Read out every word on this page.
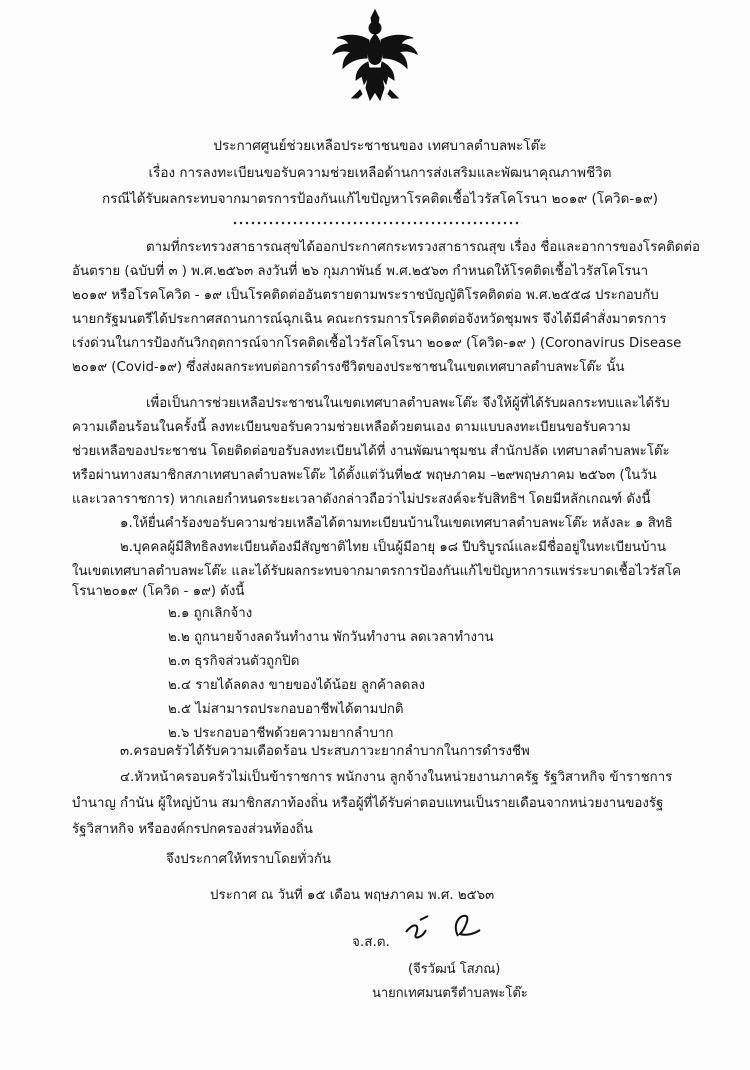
ประกาศศูนย์ช่วยเหลือประชาชนของ เทศบาลตำบลพะโต๊ะ
เรื่อง การลงทะเบียนขอรับความช่วยเหลือด้านการส่งเสริมและพัฒนาคุณภาพชีวิต
กรณีได้รับผลกระทบจากมาตรการป้องกันแก้ไขปัญหาโรคติดเชื้อไวรัสโคโรนา ๒๐๑๙ (โควิด-๑๙)
ตามที่กระทรวงสาธารณสุขได้ออกประกาศกระทรวงสาธารณสุข เรื่อง ชื่อและอาการของโรคติดต่อ
อันตราย (ฉบับที่ ๓ ) พ.ศ.๒๕๖๓ ลงวันที่ ๒๖ กุมภาพันธ์ พ.ศ.๒๕๖๓ กำหนดให้โรคติดเชื้อไวรัสโคโรนา
๒๐๑๙ หรือโรคโควิด - ๑๙ เป็นโรคติดต่ออันตรายตามพระราชบัญญัติโรคติดต่อ พ.ศ.๒๕๕๘ ประกอบกับ
นายกรัฐมนตรีได้ประกาศสถานการณ์ฉุกเฉิน คณะกรรมการโรคติดต่อจังหวัดชุมพร จึงได้มีคำสั่งมาตรการ
เร่งด่วนในการป้องกันวิกฤตการณ์จากโรคติดเชื้อไวรัสโคโรนา ๒๐๑๙ (โควิด-๑๙ ) (Coronavirus Disease
๒๐๑๙ (Covid-๑๙) ซึ่งส่งผลกระทบต่อการดำรงชีวิตของประชาชนในเขตเทศบาลตำบลพะโต๊ะ นั้น
เพื่อเป็นการช่วยเหลือประชาชนในเขตเทศบาลตำบลพะโต๊ะ จึงให้ผู้ที่ได้รับผลกระทบและได้รับ
ความเดือนร้อนในครั้งนี้ ลงทะเบียนขอรับความช่วยเหลือด้วยตนเอง ตามแบบลงทะเบียนขอรับความ
ช่วยเหลือของประชาชน โดยติดต่อขอรับลงทะเบียนได้ที่ งานพัฒนาชุมชน สำนักปลัด เทศบาลตำบลพะโต๊ะ
หรือผ่านทางสมาชิกสภาเทศบาลตำบลพะโต๊ะ ได้ตั้งแต่วันที่๒๕ พฤษภาคม –๒๙พฤษภาคม ๒๕๖๓ (ในวัน
และเวลาราชการ) หากเลยกำหนดระยะเวลาดังกล่าวถือว่าไม่ประสงค์จะรับสิทธิฯ โดยมีหลักเกณฑ์ ดังนี้
๑.ให้ยื่นคำร้องขอรับความช่วยเหลือได้ตามทะเบียนบ้านในเขตเทศบาลตำบลพะโต๊ะ หลังละ ๑ สิทธิ
๒.บุคคลผู้มีสิทธิลงทะเบียนต้องมีสัญชาติไทย เป็นผู้มีอายุ ๑๘ ปีบริบูรณ์และมีชื่ออยู่ในทะเบียนบ้าน
ในเขตเทศบาลตำบลพะโต๊ะ และได้รับผลกระทบจากมาตรการป้องกันแก้ไขปัญหาการแพร่ระบาดเชื้อไวรัสโค
โรนา๒๐๑๙ (โควิด - ๑๙) ดังนี้
๒.๑ ถูกเลิกจ้าง
๒.๒ ถูกนายจ้างลดวันทำงาน พักวันทำงาน ลดเวลาทำงาน
๒.๓ ธุรกิจส่วนตัวถูกปิด
๒.๔ รายได้ลดลง ขายของได้น้อย ลูกค้าลดลง
๒.๕ ไม่สามารถประกอบอาชีพได้ตามปกติ
๒.๖ ประกอบอาชีพด้วยความยากลำบาก
๓.ครอบครัวได้รับความเดือดร้อน ประสบภาวะยากลำบากในการดำรงชีพ
๔.หัวหน้าครอบครัวไม่เป็นข้าราชการ พนักงาน ลูกจ้างในหน่วยงานภาครัฐ รัฐวิสาหกิจ ข้าราชการ
บำนาญ กำนัน ผู้ใหญ่บ้าน สมาชิกสภาท้องถิ่น หรือผู้ที่ได้รับค่าตอบแทนเป็นรายเดือนจากหน่วยงานของรัฐ
รัฐวิสาหกิจ หรือองค์กรปกครองส่วนท้องถิ่น
จึงประกาศให้ทราบโดยทั่วกัน
ประกาศ ณ วันที่ ๑๕ เดือน พฤษภาคม พ.ศ. ๒๕๖๓
จ.ส.ต.
(จีรวัฒน์ โสภณ)
นายกเทศมนตรีตำบลพะโต๊ะ
